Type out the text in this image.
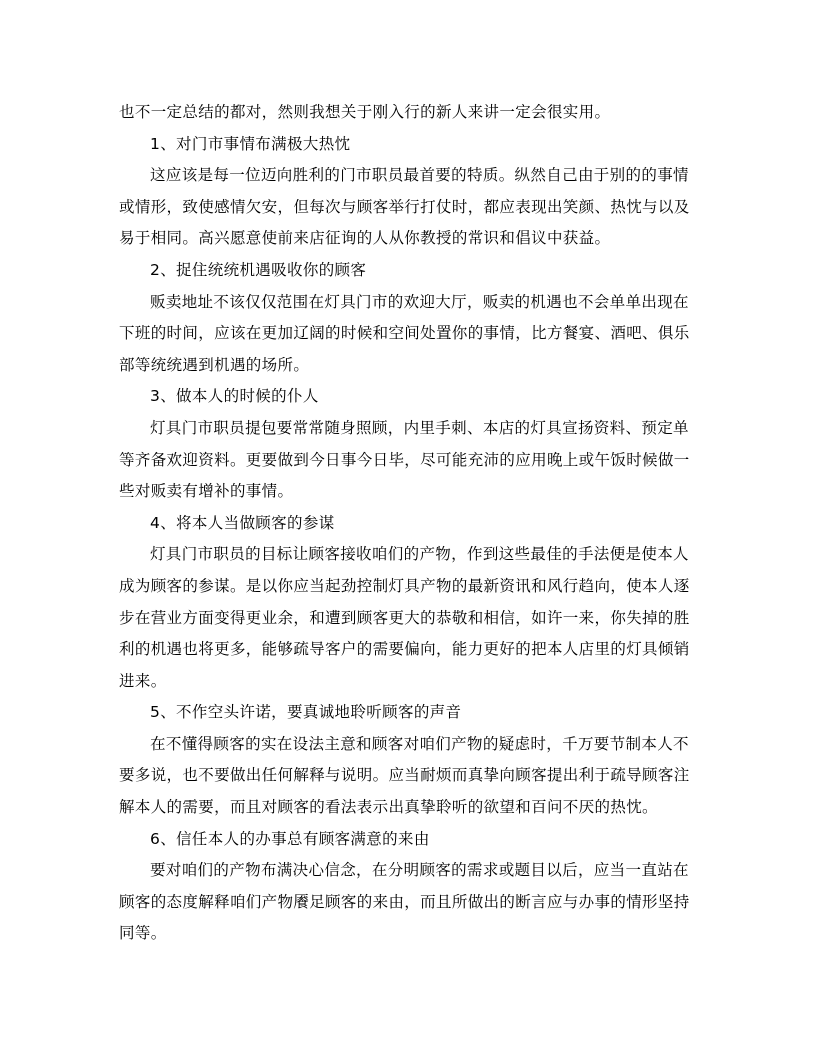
也不一定总结的都对，然则我想关于刚入行的新人来讲一定会很实用。
1、对门市事情布满极大热忱
这应该是每一位迈向胜利的门市职员最首要的特质。纵然自己由于别的的事情
或情形，致使感情欠安，但每次与顾客举行打仗时，都应表现出笑颜、热忱与以及
易于相同。高兴愿意使前来店征询的人从你教授的常识和倡议中获益。
2、捉住统统机遇吸收你的顾客
贩卖地址不该仅仅范围在灯具门市的欢迎大厅，贩卖的机遇也不会单单出现在
下班的时间，应该在更加辽阔的时候和空间处置你的事情，比方餐宴、酒吧、俱乐
部等统统遇到机遇的场所。
3、做本人的时候的仆人
灯具门市职员提包要常常随身照顾，内里手刺、本店的灯具宣扬资料、预定单
等齐备欢迎资料。更要做到今日事今日毕，尽可能充沛的应用晚上或午饭时候做一
些对贩卖有增补的事情。
4、将本人当做顾客的参谋
灯具门市职员的目标让顾客接收咱们的产物，作到这些最佳的手法便是使本人
成为顾客的参谋。是以你应当起劲控制灯具产物的最新资讯和风行趋向，使本人逐
步在营业方面变得更业余，和遭到顾客更大的恭敬和相信，如许一来，你失掉的胜
利的机遇也将更多，能够疏导客户的需要偏向，能力更好的把本人店里的灯具倾销
进来。
5、不作空头许诺，要真诚地聆听顾客的声音
在不懂得顾客的实在设法主意和顾客对咱们产物的疑虑时，千万要节制本人不
要多说，也不要做出任何解释与说明。应当耐烦而真挚向顾客提出利于疏导顾客注
解本人的需要，而且对顾客的看法表示出真挚聆听的欲望和百问不厌的热忱。
6、信任本人的办事总有顾客满意的来由
要对咱们的产物布满决心信念，在分明顾客的需求或题目以后，应当一直站在
顾客的态度解释咱们产物餍足顾客的来由，而且所做出的断言应与办事的情形坚持
同等。
